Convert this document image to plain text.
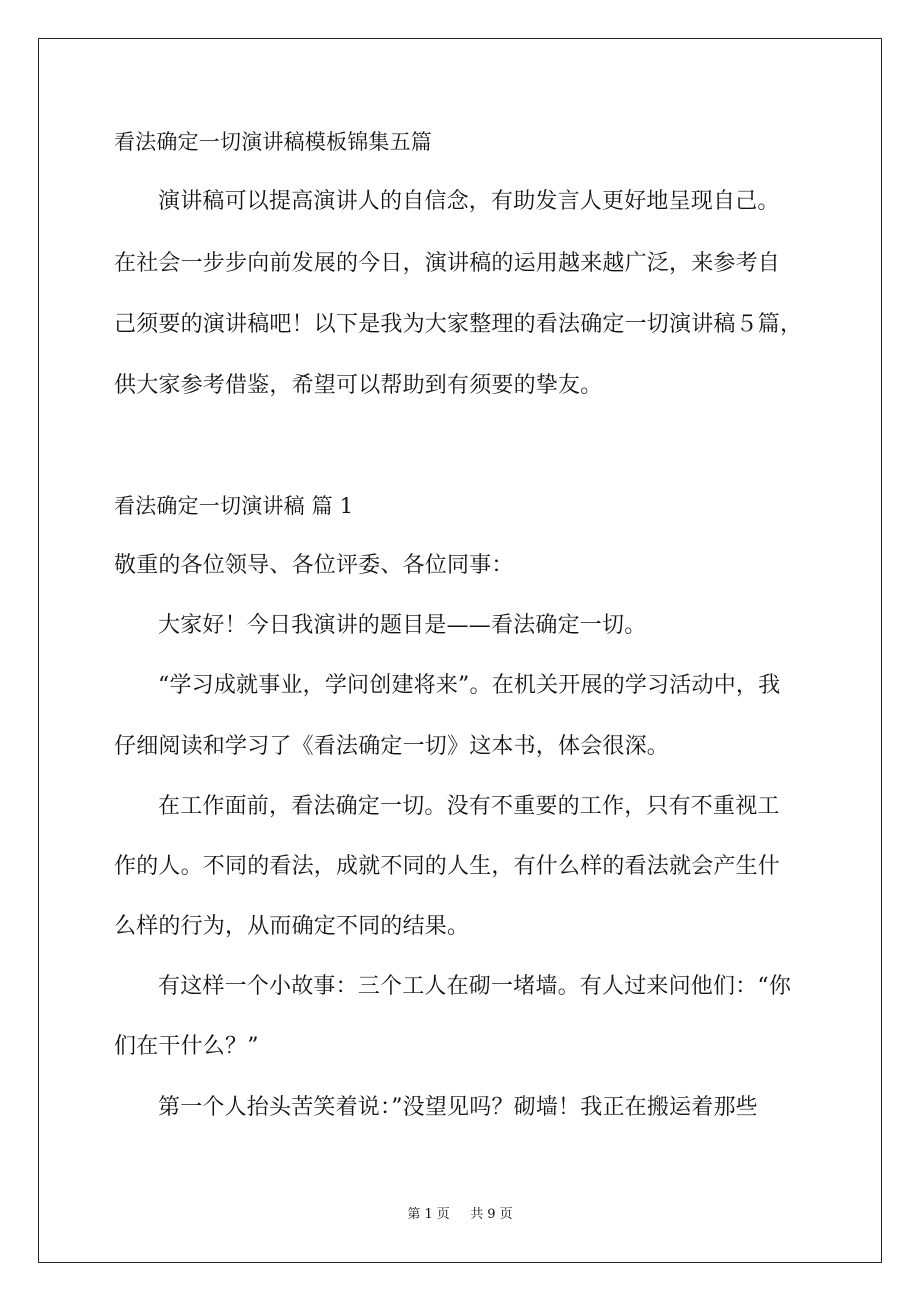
看法确定一切演讲稿模板锦集五篇
演讲稿可以提高演讲人的自信念，有助发言人更好地呈现自己。
在社会一步步向前发展的今日，演讲稿的运用越来越广泛，来参考自
己须要的演讲稿吧！以下是我为大家整理的看法确定一切演讲稿５篇，
供大家参考借鉴，希望可以帮助到有须要的挚友。
看法确定一切演讲稿 篇 1
敬重的各位领导、各位评委、各位同事：
大家好！今日我演讲的题目是——看法确定一切。
“学习成就事业，学问创建将来”。在机关开展的学习活动中，我
仔细阅读和学习了《看法确定一切》这本书，体会很深。
在工作面前，看法确定一切。没有不重要的工作，只有不重视工
作的人。不同的看法，成就不同的人生，有什么样的看法就会产生什
么样的行为，从而确定不同的结果。
有这样一个小故事：三个工人在砌一堵墙。有人过来问他们：“你
们在干什么？”
第一个人抬头苦笑着说：”没望见吗？砌墙！我正在搬运着那些
第 1 页 共 9 页
